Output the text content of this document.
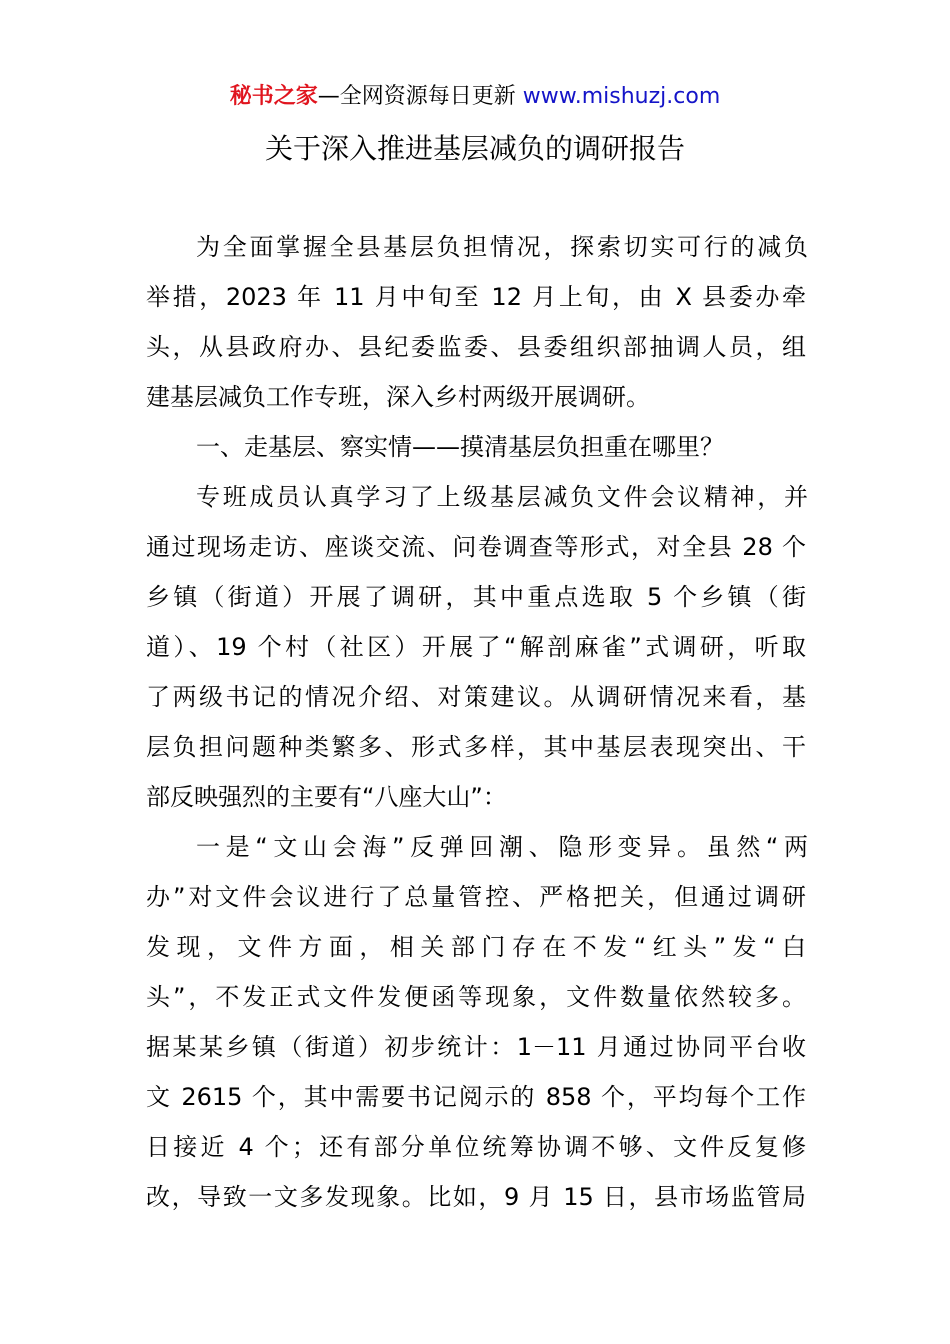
秘书之家—全网资源每日更新 www.mishuzj.com
关于深入推进基层减负的调研报告
为全面掌握全县基层负担情况，探索切实可行的减负
举措，2023 年 11 月中旬至 12 月上旬，由 X 县委办牵
头，从县政府办、县纪委监委、县委组织部抽调人员，组
建基层减负工作专班，深入乡村两级开展调研。
一、走基层、察实情——摸清基层负担重在哪里？
专班成员认真学习了上级基层减负文件会议精神，并
通过现场走访、座谈交流、问卷调查等形式，对全县 28 个
乡镇（街道）开展了调研，其中重点选取 5 个乡镇（街
道）、19 个村（社区）开展了“解剖麻雀”式调研，听取
了两级书记的情况介绍、对策建议。从调研情况来看，基
层负担问题种类繁多、形式多样，其中基层表现突出、干
部反映强烈的主要有“八座大山”：
一是“文山会海”反弹回潮、隐形变异。虽然“两
办”对文件会议进行了总量管控、严格把关，但通过调研
发现，文件方面，相关部门存在不发“红头”发“白
头”，不发正式文件发便函等现象，文件数量依然较多。
据某某乡镇（街道）初步统计：1－11 月通过协同平台收
文 2615 个，其中需要书记阅示的 858 个，平均每个工作
日接近 4 个；还有部分单位统筹协调不够、文件反复修
改，导致一文多发现象。比如，9 月 15 日，县市场监管局
